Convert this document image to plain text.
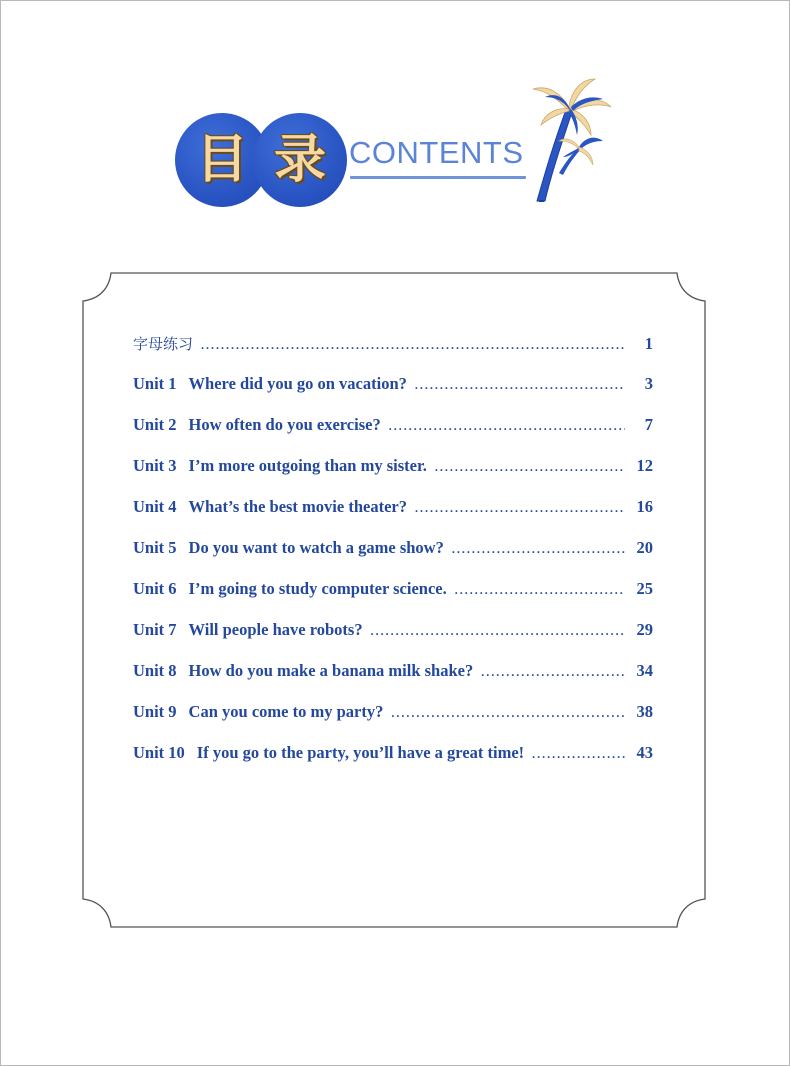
目 录 CONTENTS
字母练习 . . .	1
Unit 1 Where did you go on vacation? . . .	3
Unit 2 How often do you exercise? . . .	7
Unit 3 I’m more outgoing than my sister. . . .	12
Unit 4 What’s the best movie theater? . . .	16
Unit 5 Do you want to watch a game show? . . .	20
Unit 6 I’m going to study computer science. . . .	25
Unit 7 Will people have robots? . . .	29
Unit 8 How do you make a banana milk shake? . . .	34
Unit 9 Can you come to my party? . . .	38
Unit 10 If you go to the party, you’ll have a great time! . . .	43
